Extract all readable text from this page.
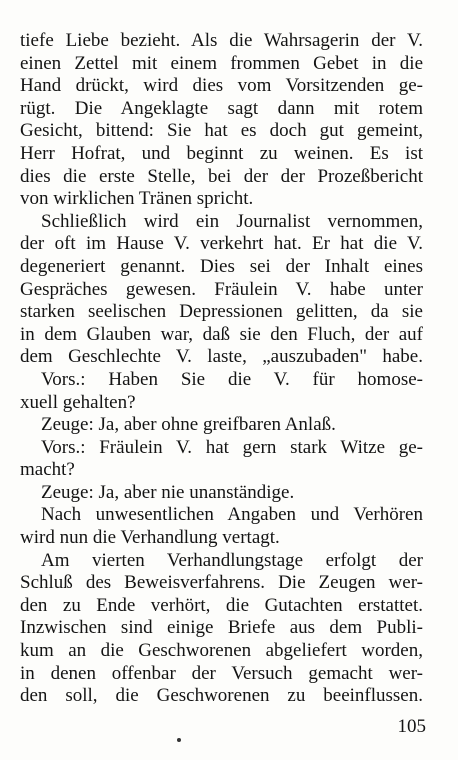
tiefe Liebe bezieht. Als die Wahrsagerin der V.
einen Zettel mit einem frommen Gebet in die
Hand drückt, wird dies vom Vorsitzenden ge-
rügt. Die Angeklagte sagt dann mit rotem
Gesicht, bittend: Sie hat es doch gut gemeint,
Herr Hofrat, und beginnt zu weinen. Es ist
dies die erste Stelle, bei der der Prozeßbericht
von wirklichen Tränen spricht.
Schließlich wird ein Journalist vernommen,
der oft im Hause V. verkehrt hat. Er hat die V.
degeneriert genannt. Dies sei der Inhalt eines
Gespräches gewesen. Fräulein V. habe unter
starken seelischen Depressionen gelitten, da sie
in dem Glauben war, daß sie den Fluch, der auf
dem Geschlechte V. laste, „auszubaden" habe.
Vors.: Haben Sie die V. für homose-
xuell gehalten?
Zeuge: Ja, aber ohne greifbaren Anlaß.
Vors.: Fräulein V. hat gern stark Witze ge-
macht?
Zeuge: Ja, aber nie unanständige.
Nach unwesentlichen Angaben und Verhören
wird nun die Verhandlung vertagt.
Am vierten Verhandlungstage erfolgt der
Schluß des Beweisverfahrens. Die Zeugen wer-
den zu Ende verhört, die Gutachten erstattet.
Inzwischen sind einige Briefe aus dem Publi-
kum an die Geschworenen abgeliefert worden,
in denen offenbar der Versuch gemacht wer-
den soll, die Geschworenen zu beeinflussen.
105
